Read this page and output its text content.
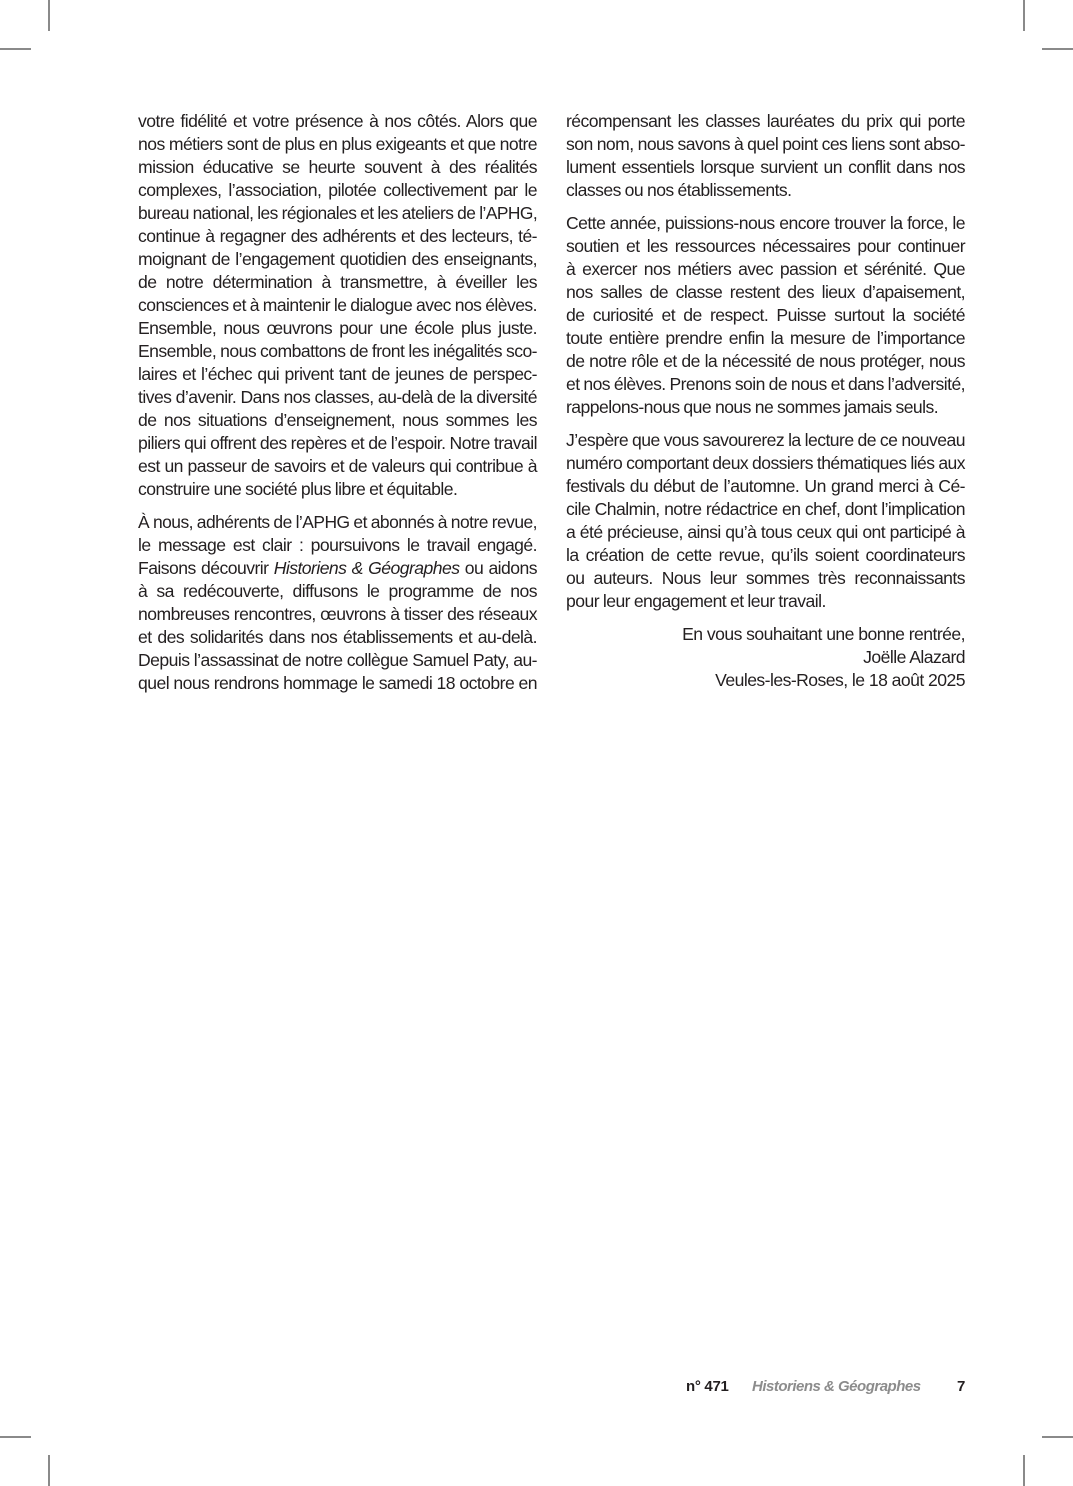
votre fidélité et votre présence à nos côtés. Alors que
nos métiers sont de plus en plus exigeants et que notre
mission éducative se heurte souvent à des réalités
complexes, l’association, pilotée collectivement par le
bureau national, les régionales et les ateliers de l’APHG,
continue à regagner des adhérents et des lecteurs, té-
moignant de l’engagement quotidien des enseignants,
de notre détermination à transmettre, à éveiller les
consciences et à maintenir le dialogue avec nos élèves.
Ensemble, nous œuvrons pour une école plus juste.
Ensemble, nous combattons de front les inégalités sco-
laires et l’échec qui privent tant de jeunes de perspec-
tives d’avenir. Dans nos classes, au-delà de la diversité
de nos situations d’enseignement, nous sommes les
piliers qui offrent des repères et de l’espoir. Notre travail
est un passeur de savoirs et de valeurs qui contribue à
construire une société plus libre et équitable.

À nous, adhérents de l’APHG et abonnés à notre revue,
le message est clair : poursuivons le travail engagé.
Faisons découvrir Historiens & Géographes ou aidons
à sa redécouverte, diffusons le programme de nos
nombreuses rencontres, œuvrons à tisser des réseaux
et des solidarités dans nos établissements et au-delà.
Depuis l’assassinat de notre collègue Samuel Paty, au-
quel nous rendrons hommage le samedi 18 octobre en

récompensant les classes lauréates du prix qui porte
son nom, nous savons à quel point ces liens sont abso-
lument essentiels lorsque survient un conflit dans nos
classes ou nos établissements.

Cette année, puissions-nous encore trouver la force, le
soutien et les ressources nécessaires pour continuer
à exercer nos métiers avec passion et sérénité. Que
nos salles de classe restent des lieux d’apaisement,
de curiosité et de respect. Puisse surtout la société
toute entière prendre enfin la mesure de l’importance
de notre rôle et de la nécessité de nous protéger, nous
et nos élèves. Prenons soin de nous et dans l’adversité,
rappelons-nous que nous ne sommes jamais seuls.

J’espère que vous savourerez la lecture de ce nouveau
numéro comportant deux dossiers thématiques liés aux
festivals du début de l’automne. Un grand merci à Cé-
cile Chalmin, notre rédactrice en chef, dont l’implication
a été précieuse, ainsi qu’à tous ceux qui ont participé à
la création de cette revue, qu’ils soient coordinateurs
ou auteurs. Nous leur sommes très reconnaissants
pour leur engagement et leur travail.

En vous souhaitant une bonne rentrée,
Joëlle Alazard
Veules-les-Roses, le 18 août 2025
n° 471 Historiens & Géographes 7
